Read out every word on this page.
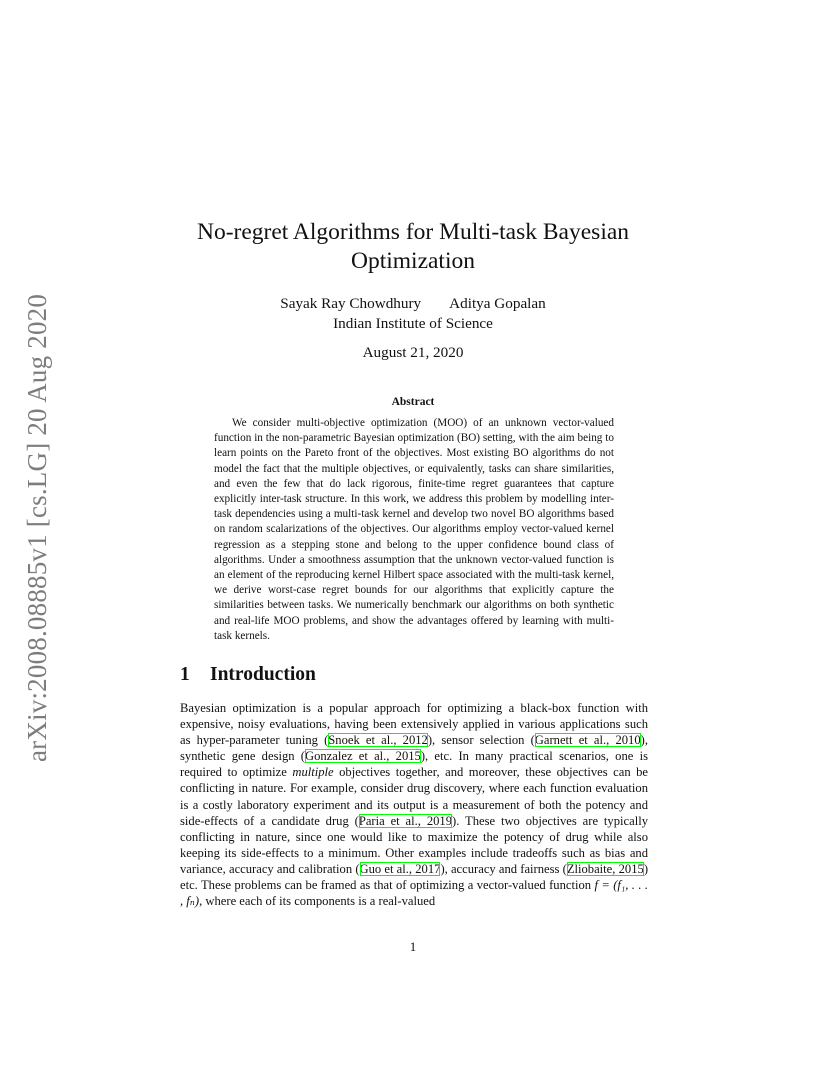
arXiv:2008.08885v1 [cs.LG] 20 Aug 2020
No-regret Algorithms for Multi-task Bayesian Optimization
Sayak Ray Chowdhury Aditya Gopalan
Indian Institute of Science
August 21, 2020
Abstract

We consider multi-objective optimization (MOO) of an unknown vector-valued function in the non-parametric Bayesian optimization (BO) setting, with the aim being to learn points on the Pareto front of the objectives. Most existing BO algorithms do not model the fact that the multiple objectives, or equivalently, tasks can share similarities, and even the few that do lack rigorous, finite-time regret guarantees that capture explicitly inter-task structure. In this work, we address this problem by modelling inter-task dependencies using a multi-task kernel and develop two novel BO algorithms based on random scalarizations of the objectives. Our algorithms employ vector-valued kernel regression as a stepping stone and belong to the upper confidence bound class of algorithms. Under a smoothness assumption that the unknown vector-valued function is an element of the reproducing kernel Hilbert space associated with the multi-task kernel, we derive worst-case regret bounds for our algorithms that explicitly capture the similarities between tasks. We numerically benchmark our algorithms on both synthetic and real-life MOO problems, and show the advantages offered by learning with multi-task kernels.

1 Introduction

Bayesian optimization is a popular approach for optimizing a black-box function with expensive, noisy evaluations, having been extensively applied in various applications such as hyper-parameter tuning (Snoek et al., 2012), sensor selection (Garnett et al., 2010), synthetic gene design (Gonzalez et al., 2015), etc. In many practical scenarios, one is required to optimize multiple objectives together, and moreover, these objectives can be conflicting in nature. For example, consider drug discovery, where each function evaluation is a costly laboratory experiment and its output is a measurement of both the potency and side-effects of a candidate drug (Paria et al., 2019). These two objectives are typically conflicting in nature, since one would like to maximize the potency of drug while also keeping its side-effects to a minimum. Other examples include tradeoffs such as bias and variance, accuracy and calibration (Guo et al., 2017), accuracy and fairness (Zliobaite, 2015) etc. These problems can be framed as that of optimizing a vector-valued function f = (f₁, . . . , fₙ), where each of its components is a real-valued

1
